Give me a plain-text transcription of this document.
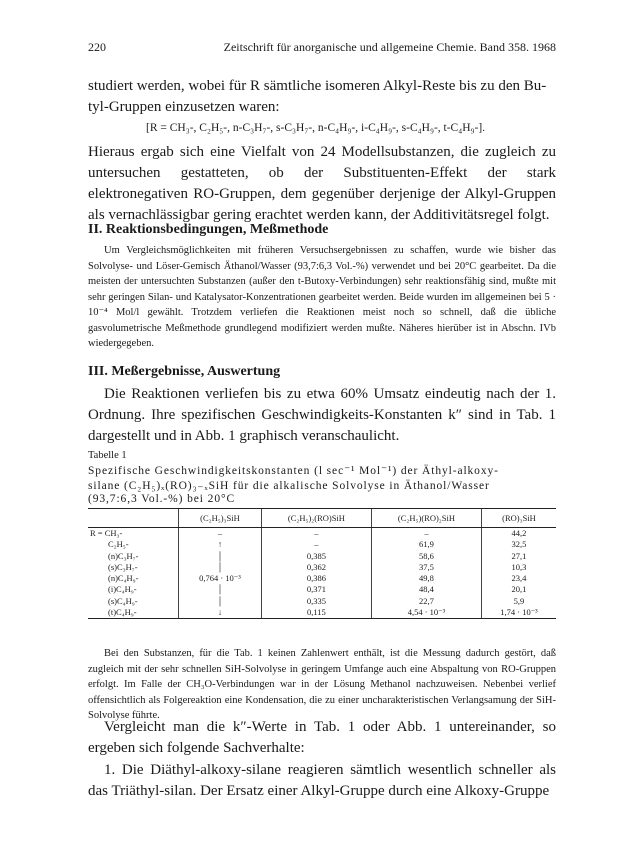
220	Zeitschrift für anorganische und allgemeine Chemie. Band 358. 1968

studiert werden, wobei für R sämtliche isomeren Alkyl-Reste bis zu den Bu-

tyl-Gruppen einzusetzen waren:

[R = CH₃-, C₂H₅-, n-C₃H₇-, s-C₃H₇-, n-C₄H₉-, i-C₄H₉-, s-C₄H₉-, t-C₄H₉-].

Hieraus ergab sich eine Vielfalt von 24 Modellsubstanzen, die zugleich zu untersuchen gestatteten, ob der Substituenten-Effekt der stark elektronegativen RO-Gruppen, dem gegenüber derjenige der Alkyl-Gruppen als vernachlässigbar gering erachtet werden kann, der Additivitätsregel folgt.

II. Reaktionsbedingungen, Meßmethode

Um Vergleichsmöglichkeiten mit früheren Versuchsergebnissen zu schaffen, wurde wie bisher das Solvolyse- und Löser-Gemisch Äthanol/Wasser (93,7:6,3 Vol.-%) verwendet und bei 20°C gearbeitet. Da die meisten der untersuchten Substanzen (außer den t-Butoxy-Verbindungen) sehr reaktionsfähig sind, mußte mit sehr geringen Silan- und Katalysator-Konzentrationen gearbeitet werden. Beide wurden im allgemeinen bei 5 · 10⁻⁴ Mol/l gewählt. Trotzdem verliefen die Reaktionen meist noch so schnell, daß die übliche gasvolumetrische Meßmethode grundlegend modifiziert werden mußte. Näheres hierüber ist in Abschn. IVb wiedergegeben.

III. Meßergebnisse, Auswertung

Die Reaktionen verliefen bis zu etwa 60% Umsatz eindeutig nach der 1. Ordnung. Ihre spezifischen Geschwindigkeits-Konstanten k″ sind in Tab. 1 dargestellt und in Abb. 1 graphisch veranschaulicht.

Tabelle 1

Spezifische Geschwindigkeitskonstanten (l sec⁻¹ Mol⁻¹) der Äthyl-alkoxy-

silane (C₂H₅)ₓ(RO)₃₋ₓSiH für die alkalische Solvolyse in Äthanol/Wasser

(93,7:6,3 Vol.-%) bei 20°C

	(C₂H₅)₃SiH	(C₂H₅)₂(RO)SiH	(C₂H₅)(RO)₂SiH	(RO)₃SiH
R = CH₃-	–	–	–	44,2
C₂H₅-	↑	–	61,9	32,5
(n)C₃H₇-	│	0,385	58,6	27,1
(s)C₃H₇-	│	0,362	37,5	10,3
(n)C₄H₉-	0,764 · 10⁻³	0,386	49,8	23,4
(i)C₄H₉-	│	0,371	48,4	20,1
(s)C₄H₉-	│	0,335	22,7	5,9
(t)C₄H₉-	↓	0,115	4,54 · 10⁻³	1,74 · 10⁻³

Bei den Substanzen, für die Tab. 1 keinen Zahlenwert enthält, ist die Messung dadurch gestört, daß zugleich mit der sehr schnellen SiH-Solvolyse in geringem Umfange auch eine Abspaltung von RO-Gruppen erfolgt. Im Falle der CH₃O-Verbindungen war in der Lösung Methanol nachzuweisen. Nebenbei verlief offensichtlich als Folgereaktion eine Kondensation, die zu einer uncharakteristischen Verlangsamung der SiH-Solvolyse führte.

Vergleicht man die k″-Werte in Tab. 1 oder Abb. 1 untereinander, so ergeben sich folgende Sachverhalte:

1. Die Diäthyl-alkoxy-silane reagieren sämtlich wesentlich schneller als das Triäthyl-silan. Der Ersatz einer Alkyl-Gruppe durch eine Alkoxy-Gruppe
